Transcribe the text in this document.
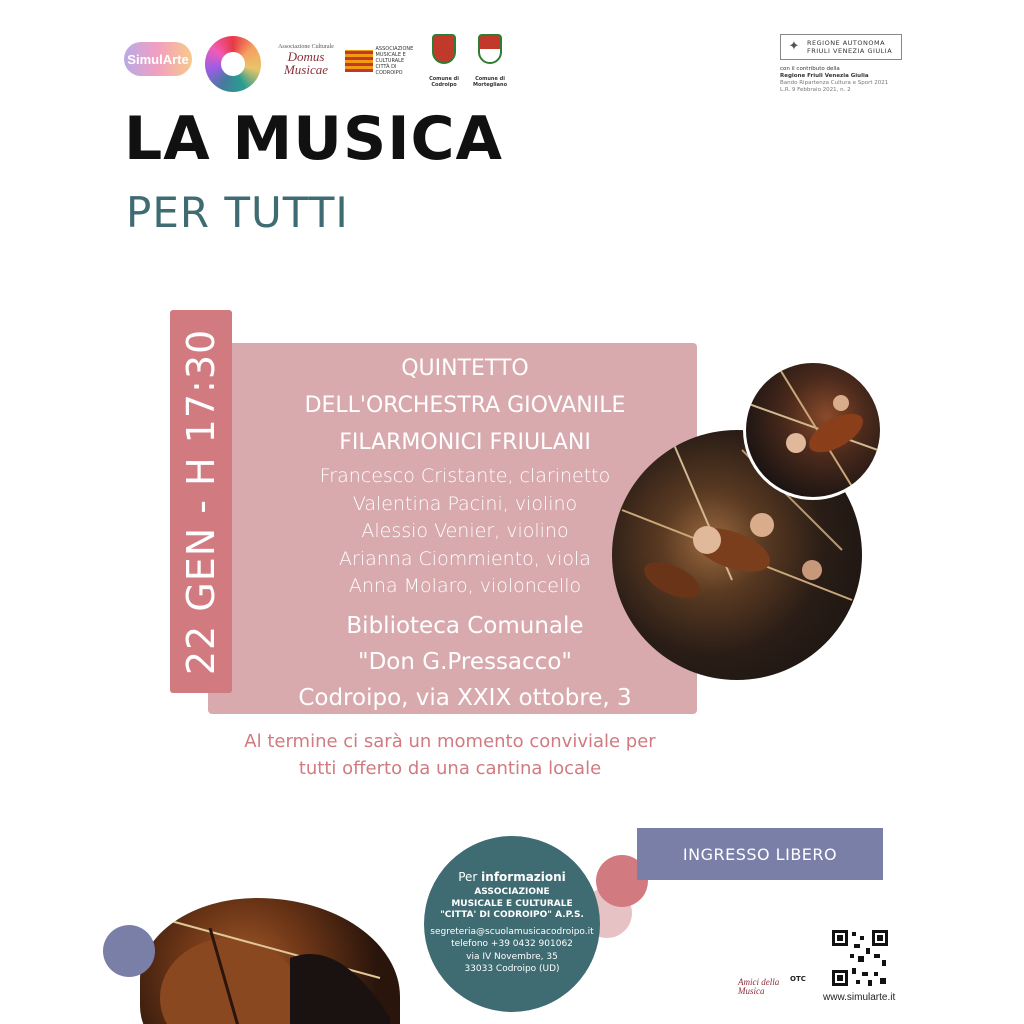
SimulArte
Associazione Culturale
Domus Musicae
ASSOCIAZIONE
MUSICALE E
CULTURALE
CITTÀ DI CODROIPO
Comune di Codroipo
Comune di Mortegliano
✦	REGIONE AUTONOMA
FRIULI VENEZIA GIULIA
con il contributo della
Regione Friuli Venezia Giulia
Bando Ripartenza Cultura e Sport 2021
L.R. 9 Febbraio 2021, n. 2
LA MUSICA
PER TUTTI
22 GEN - H 17:30	QUINTETTO
DELL'ORCHESTRA GIOVANILE
FILARMONICI FRIULANI
Francesco Cristante, clarinetto
Valentina Pacini, violino
Alessio Venier, violino
Arianna Ciommiento, viola
Anna Molaro, violoncello
Biblioteca Comunale
"Don G.Pressacco"
Codroipo, via XXIX ottobre, 3
Al termine ci sarà un momento conviviale per
tutti offerto da una cantina locale
Per informazioni
ASSOCIAZIONE
MUSICALE E CULTURALE
"CITTA' DI CODROIPO" A.P.S.
segreteria@scuolamusicacodroipo.it
telefono +39 0432 901062
via IV Novembre, 35
33033 Codroipo (UD)
INGRESSO LIBERO
Amici della
Musica
OTC
www.simularte.it
